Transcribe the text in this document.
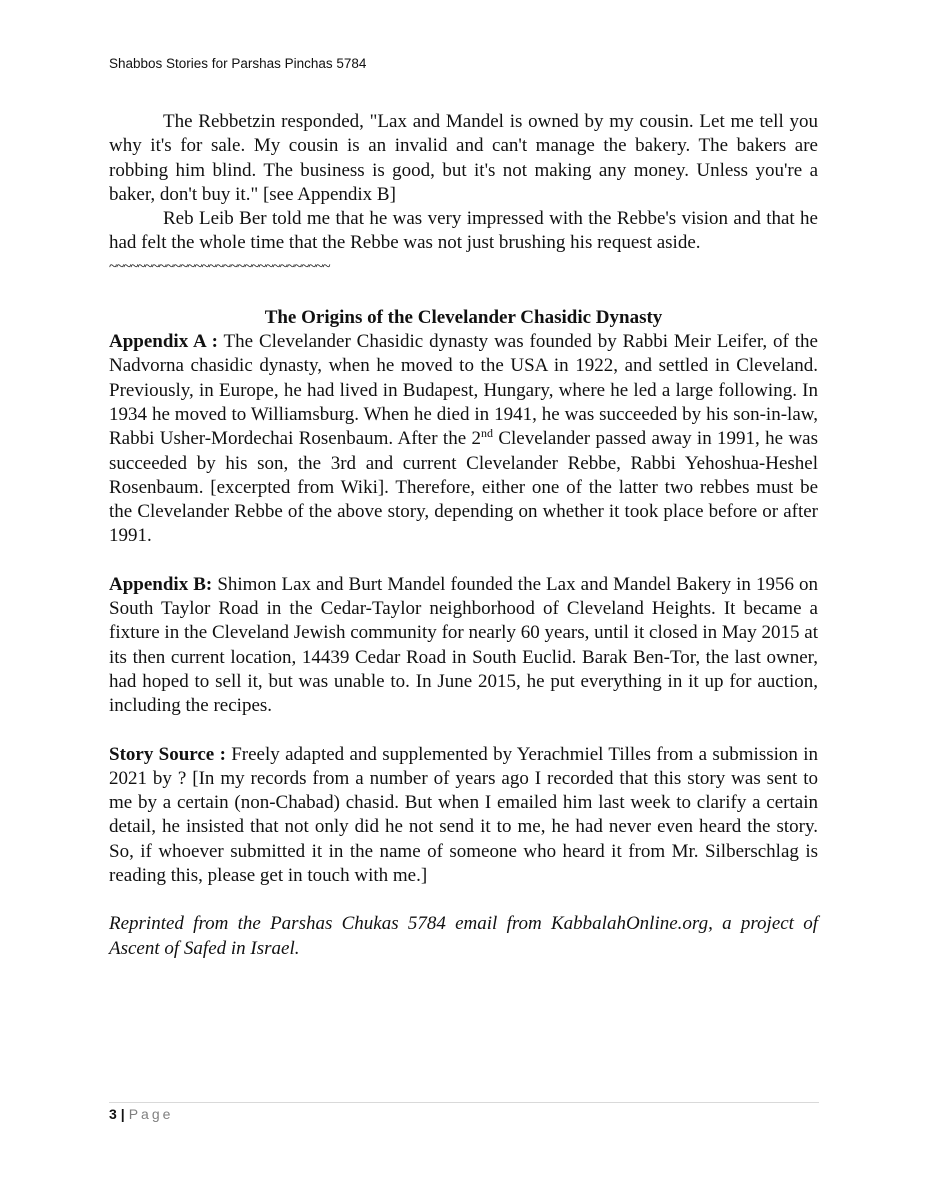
Shabbos Stories for Parshas Pinchas 5784

The Rebbetzin responded, "Lax and Mandel is owned by my cousin. Let me tell you why it's for sale. My cousin is an invalid and can't manage the bakery. The bakers are robbing him blind. The business is good, but it's not making any money. Unless you're a baker, don't buy it." [see Appendix B]

Reb Leib Ber told me that he was very impressed with the Rebbe's vision and that he had felt the whole time that the Rebbe was not just brushing his request aside.

~~~~~~~~~~~~~~~~~~~~~~~~~~~~~~~

The Origins of the Clevelander Chasidic Dynasty

Appendix A : The Clevelander Chasidic dynasty was founded by Rabbi Meir Leifer, of the Nadvorna chasidic dynasty, when he moved to the USA in 1922, and settled in Cleveland. Previously, in Europe, he had lived in Budapest, Hungary, where he led a large following. In 1934 he moved to Williamsburg. When he died in 1941, he was succeeded by his son-in-law, Rabbi Usher-Mordechai Rosenbaum. After the 2nd Clevelander passed away in 1991, he was succeeded by his son, the 3rd and current Clevelander Rebbe, Rabbi Yehoshua-Heshel Rosenbaum. [excerpted from Wiki]. Therefore, either one of the latter two rebbes must be the Clevelander Rebbe of the above story, depending on whether it took place before or after 1991.

Appendix B: Shimon Lax and Burt Mandel founded the Lax and Mandel Bakery in 1956 on South Taylor Road in the Cedar-Taylor neighborhood of Cleveland Heights. It became a fixture in the Cleveland Jewish community for nearly 60 years, until it closed in May 2015 at its then current location, 14439 Cedar Road in South Euclid. Barak Ben-Tor, the last owner, had hoped to sell it, but was unable to. In June 2015, he put everything in it up for auction, including the recipes.

Story Source : Freely adapted and supplemented by Yerachmiel Tilles from a submission in 2021 by ? [In my records from a number of years ago I recorded that this story was sent to me by a certain (non-Chabad) chasid. But when I emailed him last week to clarify a certain detail, he insisted that not only did he not send it to me, he had never even heard the story. So, if whoever submitted it in the name of someone who heard it from Mr. Silberschlag is reading this, please get in touch with me.]

Reprinted from the Parshas Chukas 5784 email from KabbalahOnline.org, a project of Ascent of Safed in Israel.

3 | Page
